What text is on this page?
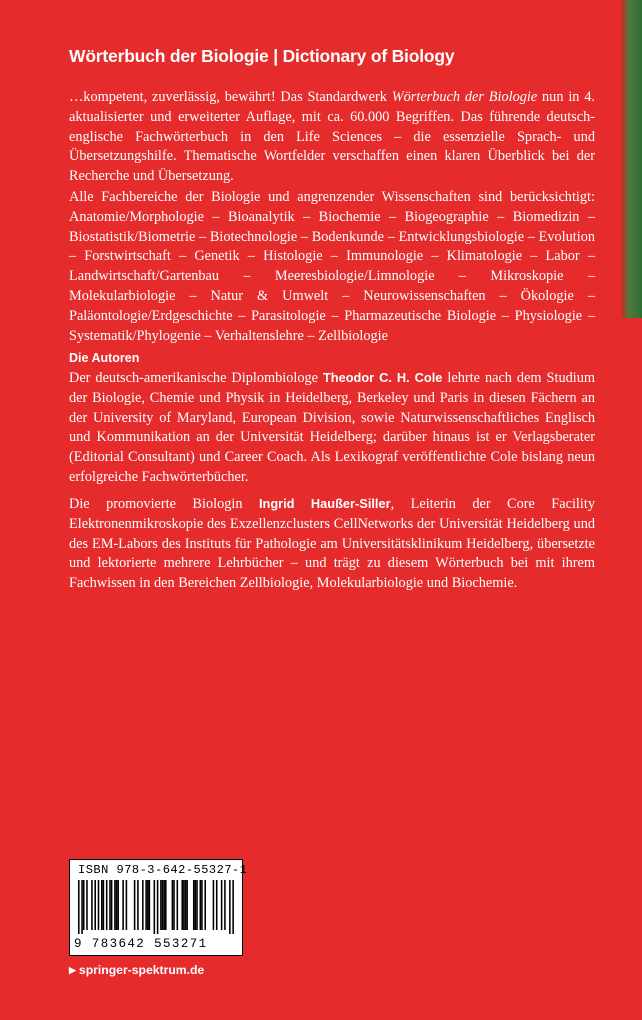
Wörterbuch der Biologie | Dictionary of Biology

…kompetent, zuverlässig, bewährt! Das Standardwerk Wörterbuch der Biologie nun in 4. aktualisierter und erweiterter Auflage, mit ca. 60.000 Begriffen. Das führende deutsch-englische Fachwörterbuch in den Life Sciences – die essenzielle Sprach- und Übersetzungshilfe. Thematische Wortfelder verschaffen einen klaren Überblick bei der Recherche und Übersetzung.

Alle Fachbereiche der Biologie und angrenzender Wissenschaften sind berücksichtigt: Anatomie/Morphologie – Bioanalytik – Biochemie – Biogeographie – Biomedizin – Biostatistik/Biometrie – Biotechnologie – Bodenkunde – Entwicklungsbiologie – Evolution – Forstwirtschaft – Genetik – Histologie – Immunologie – Klimatologie – Labor – Landwirtschaft/Gartenbau – Meeresbiologie/Limnologie – Mikroskopie – Molekularbiologie – Natur & Umwelt – Neurowissenschaften – Ökologie – Paläontologie/Erdgeschichte – Parasitologie – Pharmazeutische Biologie – Physiologie – Systematik/Phylogenie – Verhaltenslehre – Zellbiologie

Die Autoren

Der deutsch-amerikanische Diplombiologe Theodor C. H. Cole lehrte nach dem Studium der Biologie, Chemie und Physik in Heidelberg, Berkeley und Paris in diesen Fächern an der University of Maryland, European Division, sowie Naturwissenschaftliches Englisch und Kommunikation an der Universität Heidelberg; darüber hinaus ist er Verlagsberater (Editorial Consultant) und Career Coach. Als Lexikograf veröffentlichte Cole bislang neun erfolgreiche Fachwörterbücher.

Die promovierte Biologin Ingrid Haußer-Siller, Leiterin der Core Facility Elektronenmikroskopie des Exzellenzclusters CellNetworks der Universität Heidelberg und des EM-Labors des Instituts für Pathologie am Universitätsklinikum Heidelberg, übersetzte und lektorierte mehrere Lehrbücher – und trägt zu diesem Wörterbuch bei mit ihrem Fachwissen in den Bereichen Zellbiologie, Molekularbiologie und Biochemie.

ISBN 978-3-642-55327-1
9 783642 553271
▶ springer-spektrum.de
